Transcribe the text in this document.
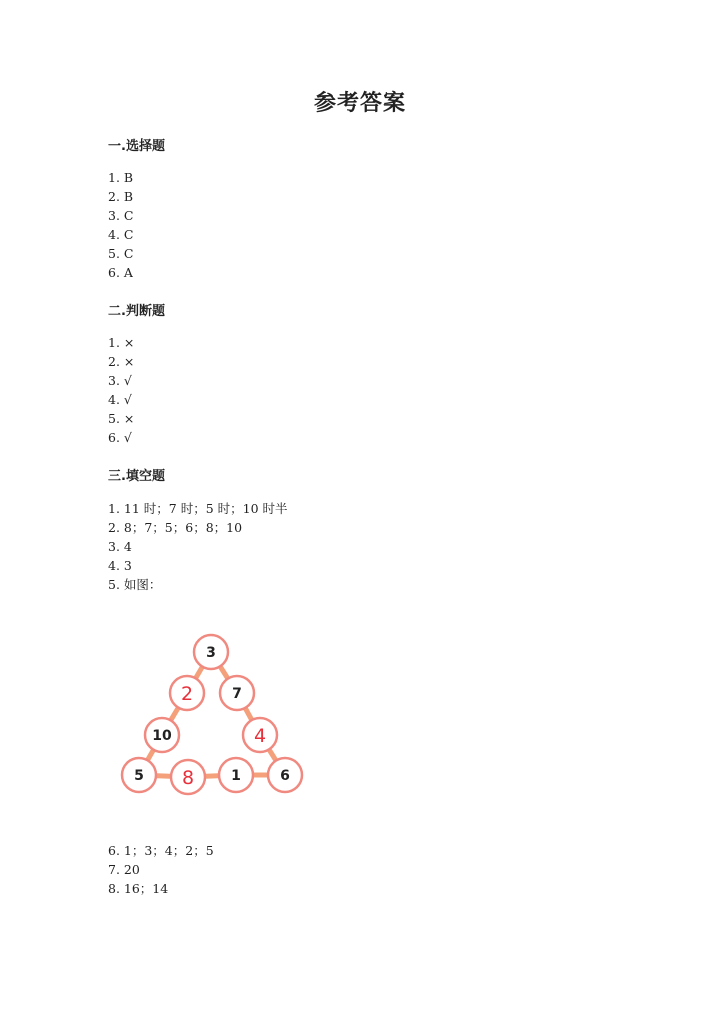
参考答案
一.选择题
1. B
2. B
3. C
4. C
5. C
6. A
二.判断题
1. ×
2. ×
3. √
4. √
5. ×
6. √
三.填空题
1. 11 时；7 时；5 时；10 时半
2. 8；7；5；6；8；10
3. 4
4. 3
5. 如图：
3
2	7
10	4
5 8	1	6
6. 1；3；4；2；5
7. 20
8. 16；14
